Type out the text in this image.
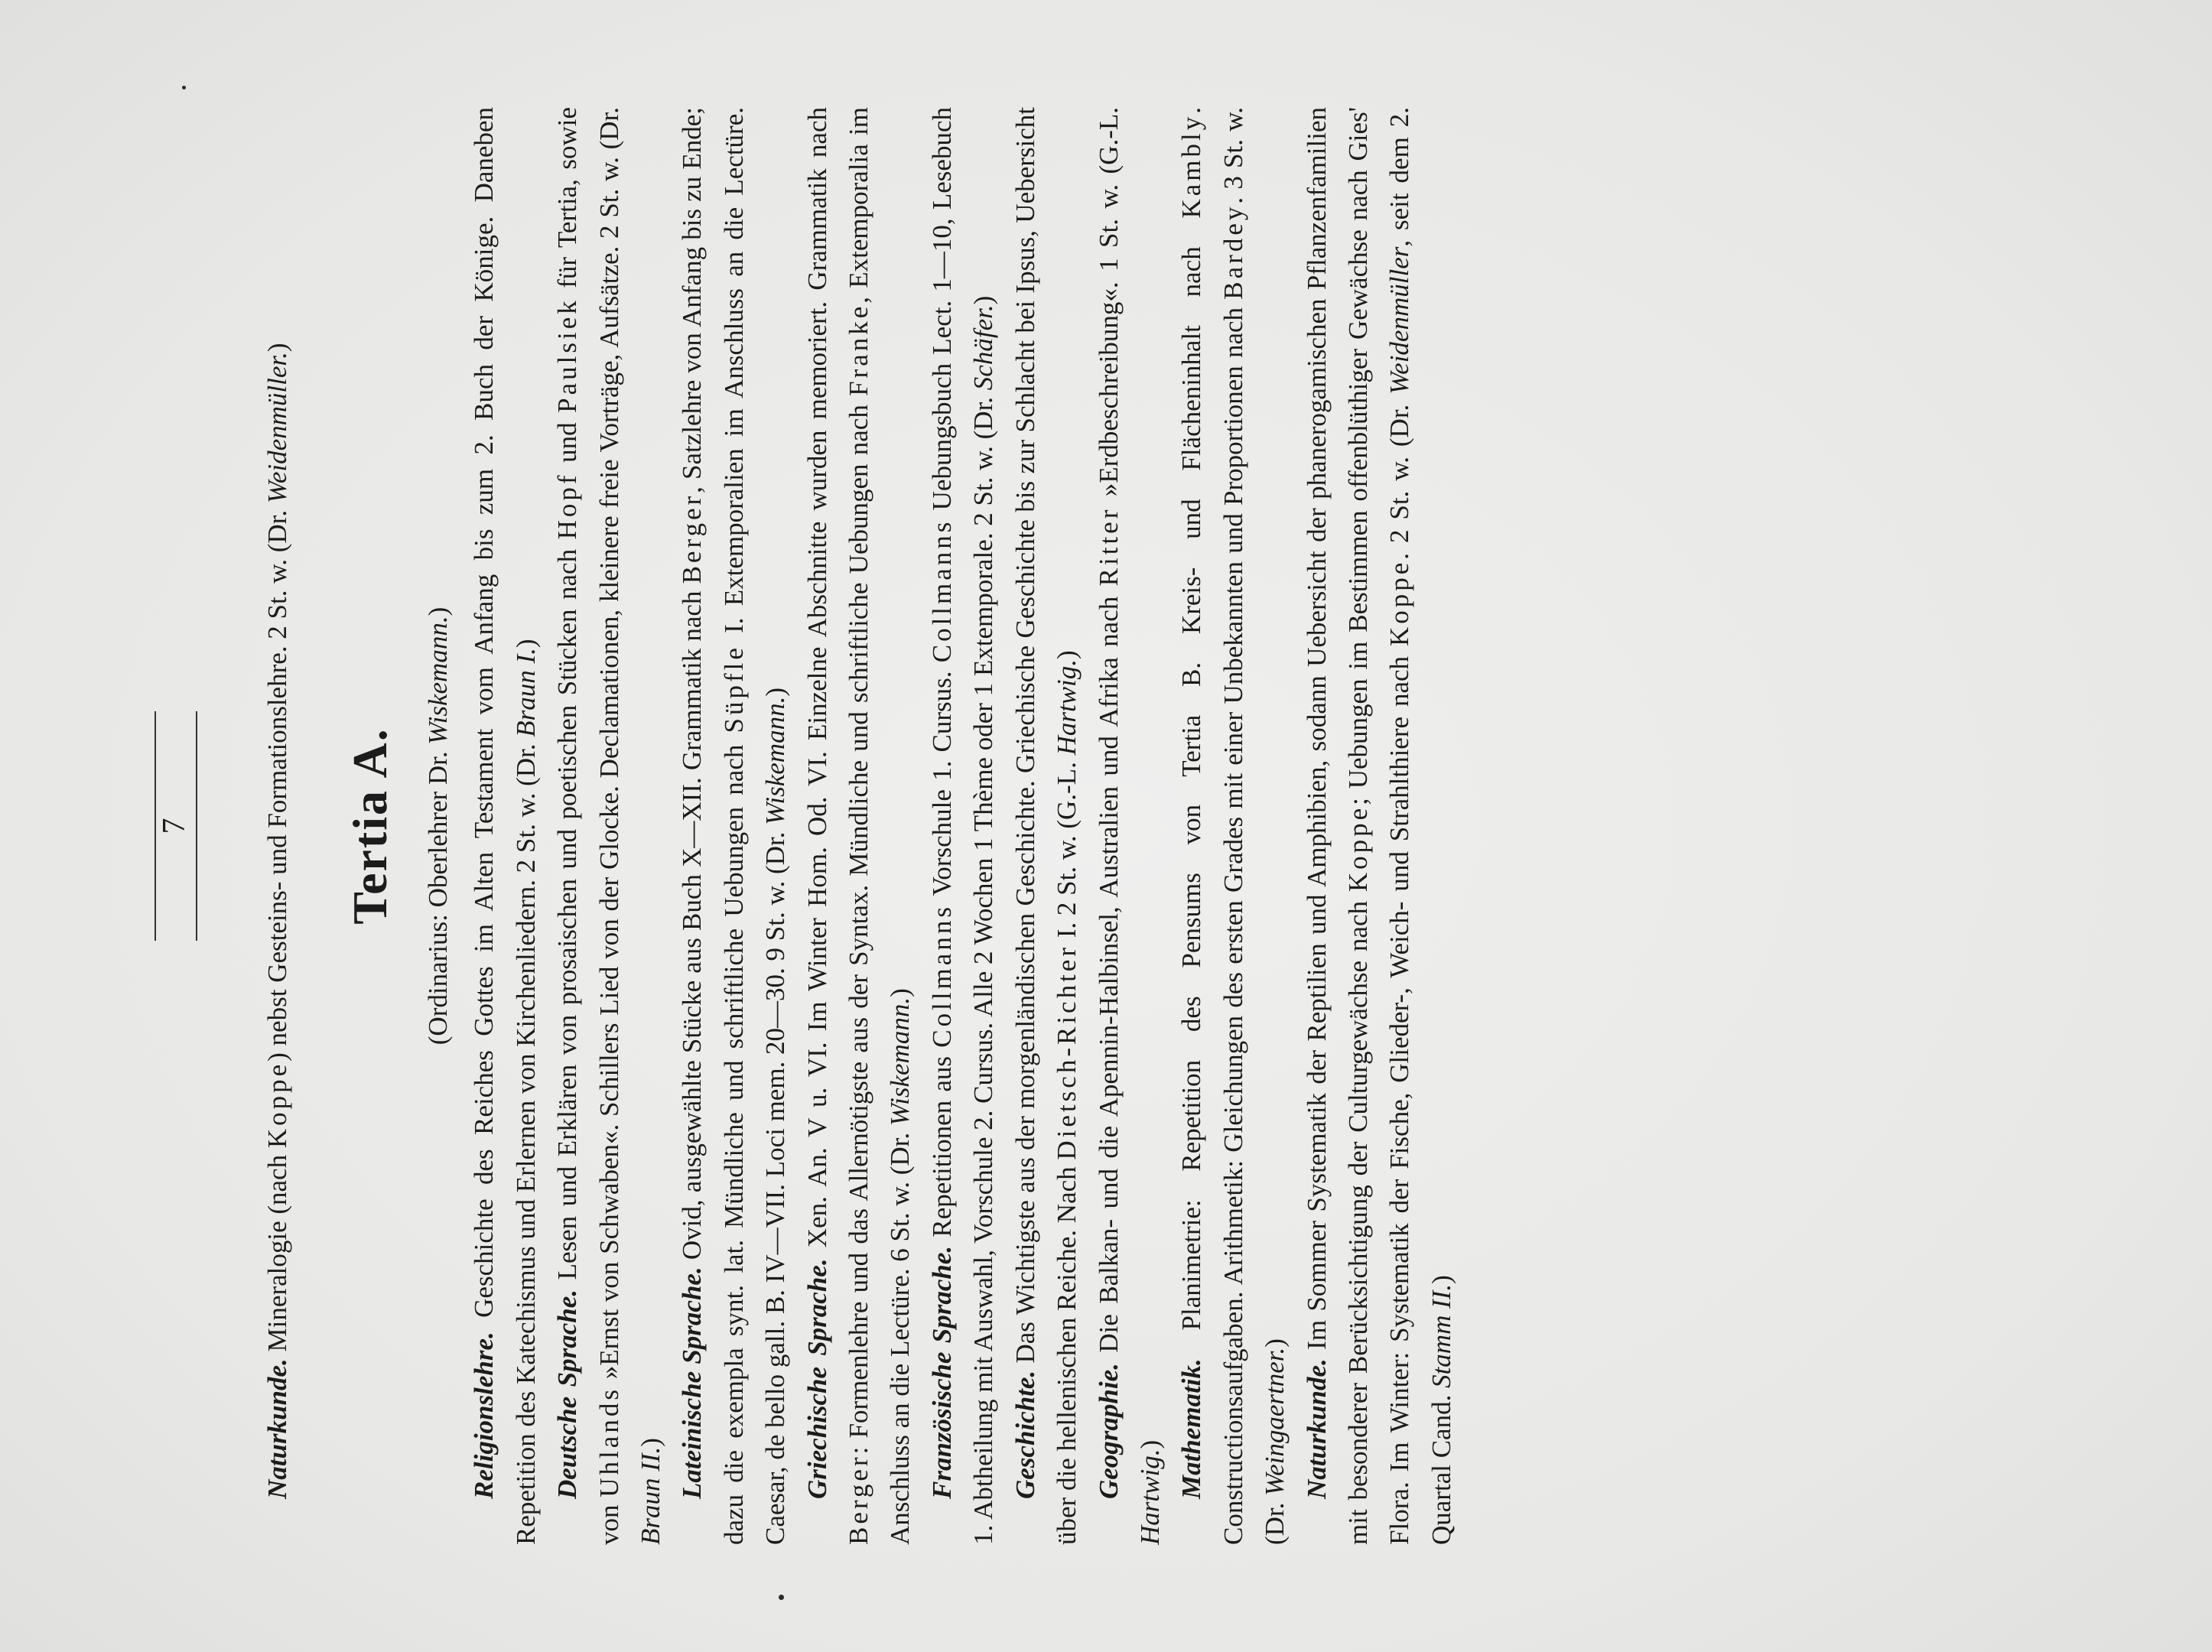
7

Naturkunde. Mineralogie (nach Koppe) nebst Gesteins- und Formationslehre. 2 St. w. (Dr. Weidenmüller.)

Tertia A. (Ordinarius: Oberlehrer Dr. Wiskemann.)

Religionslehre. Geschichte des Reiches Gottes im Alten Testament vom Anfang bis zum 2. Buch der Könige. Daneben Repetition des Katechismus und Erlernen von Kirchenliedern. 2 St. w. (Dr. Braun I.)

Deutsche Sprache. Lesen und Erklären von prosaischen und poetischen Stücken nach Hopf und Paulsiek für Tertia, sowie von Uhlands »Ernst von Schwaben«. Schillers Lied von der Glocke. Declamationen, kleinere freie Vorträge, Aufsätze. 2 St. w. (Dr. Braun II.) Lateinische Sprache. Ovid, ausgewählte Stücke aus Buch X—XII. Grammatik nach Berger, Satzlehre von Anfang bis zu Ende; dazu die exempla synt. lat. Mündliche und schriftliche Uebungen nach Süpfle I. Extemporalien im Anschluss an die Lectüre. Caesar, de bello gall. B. IV—VII. Loci mem. 20—30. 9 St. w. (Dr. Wiskemann.)

Griechische Sprache. Xen. An. V u. VI. Im Winter Hom. Od. VI. Einzelne Abschnitte wurden memoriert. Grammatik nach Berger: Formenlehre und das Allernötigste aus der Syntax. Mündliche und schriftliche Uebungen nach Franke, Extemporalia im Anschluss an die Lectüre. 6 St. w. (Dr. Wiskemann.)

Französische Sprache. Repetitionen aus Collmanns Vorschule 1. Cursus. Collmanns Uebungsbuch Lect. 1—10, Lesebuch 1. Abtheilung mit Auswahl, Vorschule 2. Cursus. Alle 2 Wochen 1 Thème oder 1 Extemporale. 2 St. w. (Dr. Schäfer.)

Geschichte. Das Wichtigste aus der morgenländischen Geschichte. Griechische Geschichte bis zur Schlacht bei Ipsus, Uebersicht über die hellenischen Reiche. Nach Dietsch-Richter I. 2 St. w. (G.-L. Hartwig.)

Geographie. Die Balkan- und die Apennin-Halbinsel, Australien und Afrika nach Ritter »Erdbeschreibung«. 1 St. w. (G.-L. Hartwig.) Mathematik. Planimetrie: Repetition des Pensums von Tertia B. Kreis- und Flächeninhalt nach Kambly. Constructionsaufgaben. Arithmetik: Gleichungen des ersten Grades mit einer Unbekannten und Proportionen nach Bardey. 3 St. w. (Dr. Weingaertner.)

Naturkunde. Im Sommer Systematik der Reptilien und Amphibien, sodann Uebersicht der phanerogamischen Pflanzenfamilien mit besonderer Berücksichtigung der Culturgewächse nach Koppe; Uebungen im Bestimmen offenblüthiger Gewächse nach Gies' Flora. Im Winter: Systematik der Fische, Glieder-, Weich- und Strahlthiere nach Koppe. 2 St. w. (Dr. Weidenmüller, seit dem 2. Quartal Cand. Stamm II.)
